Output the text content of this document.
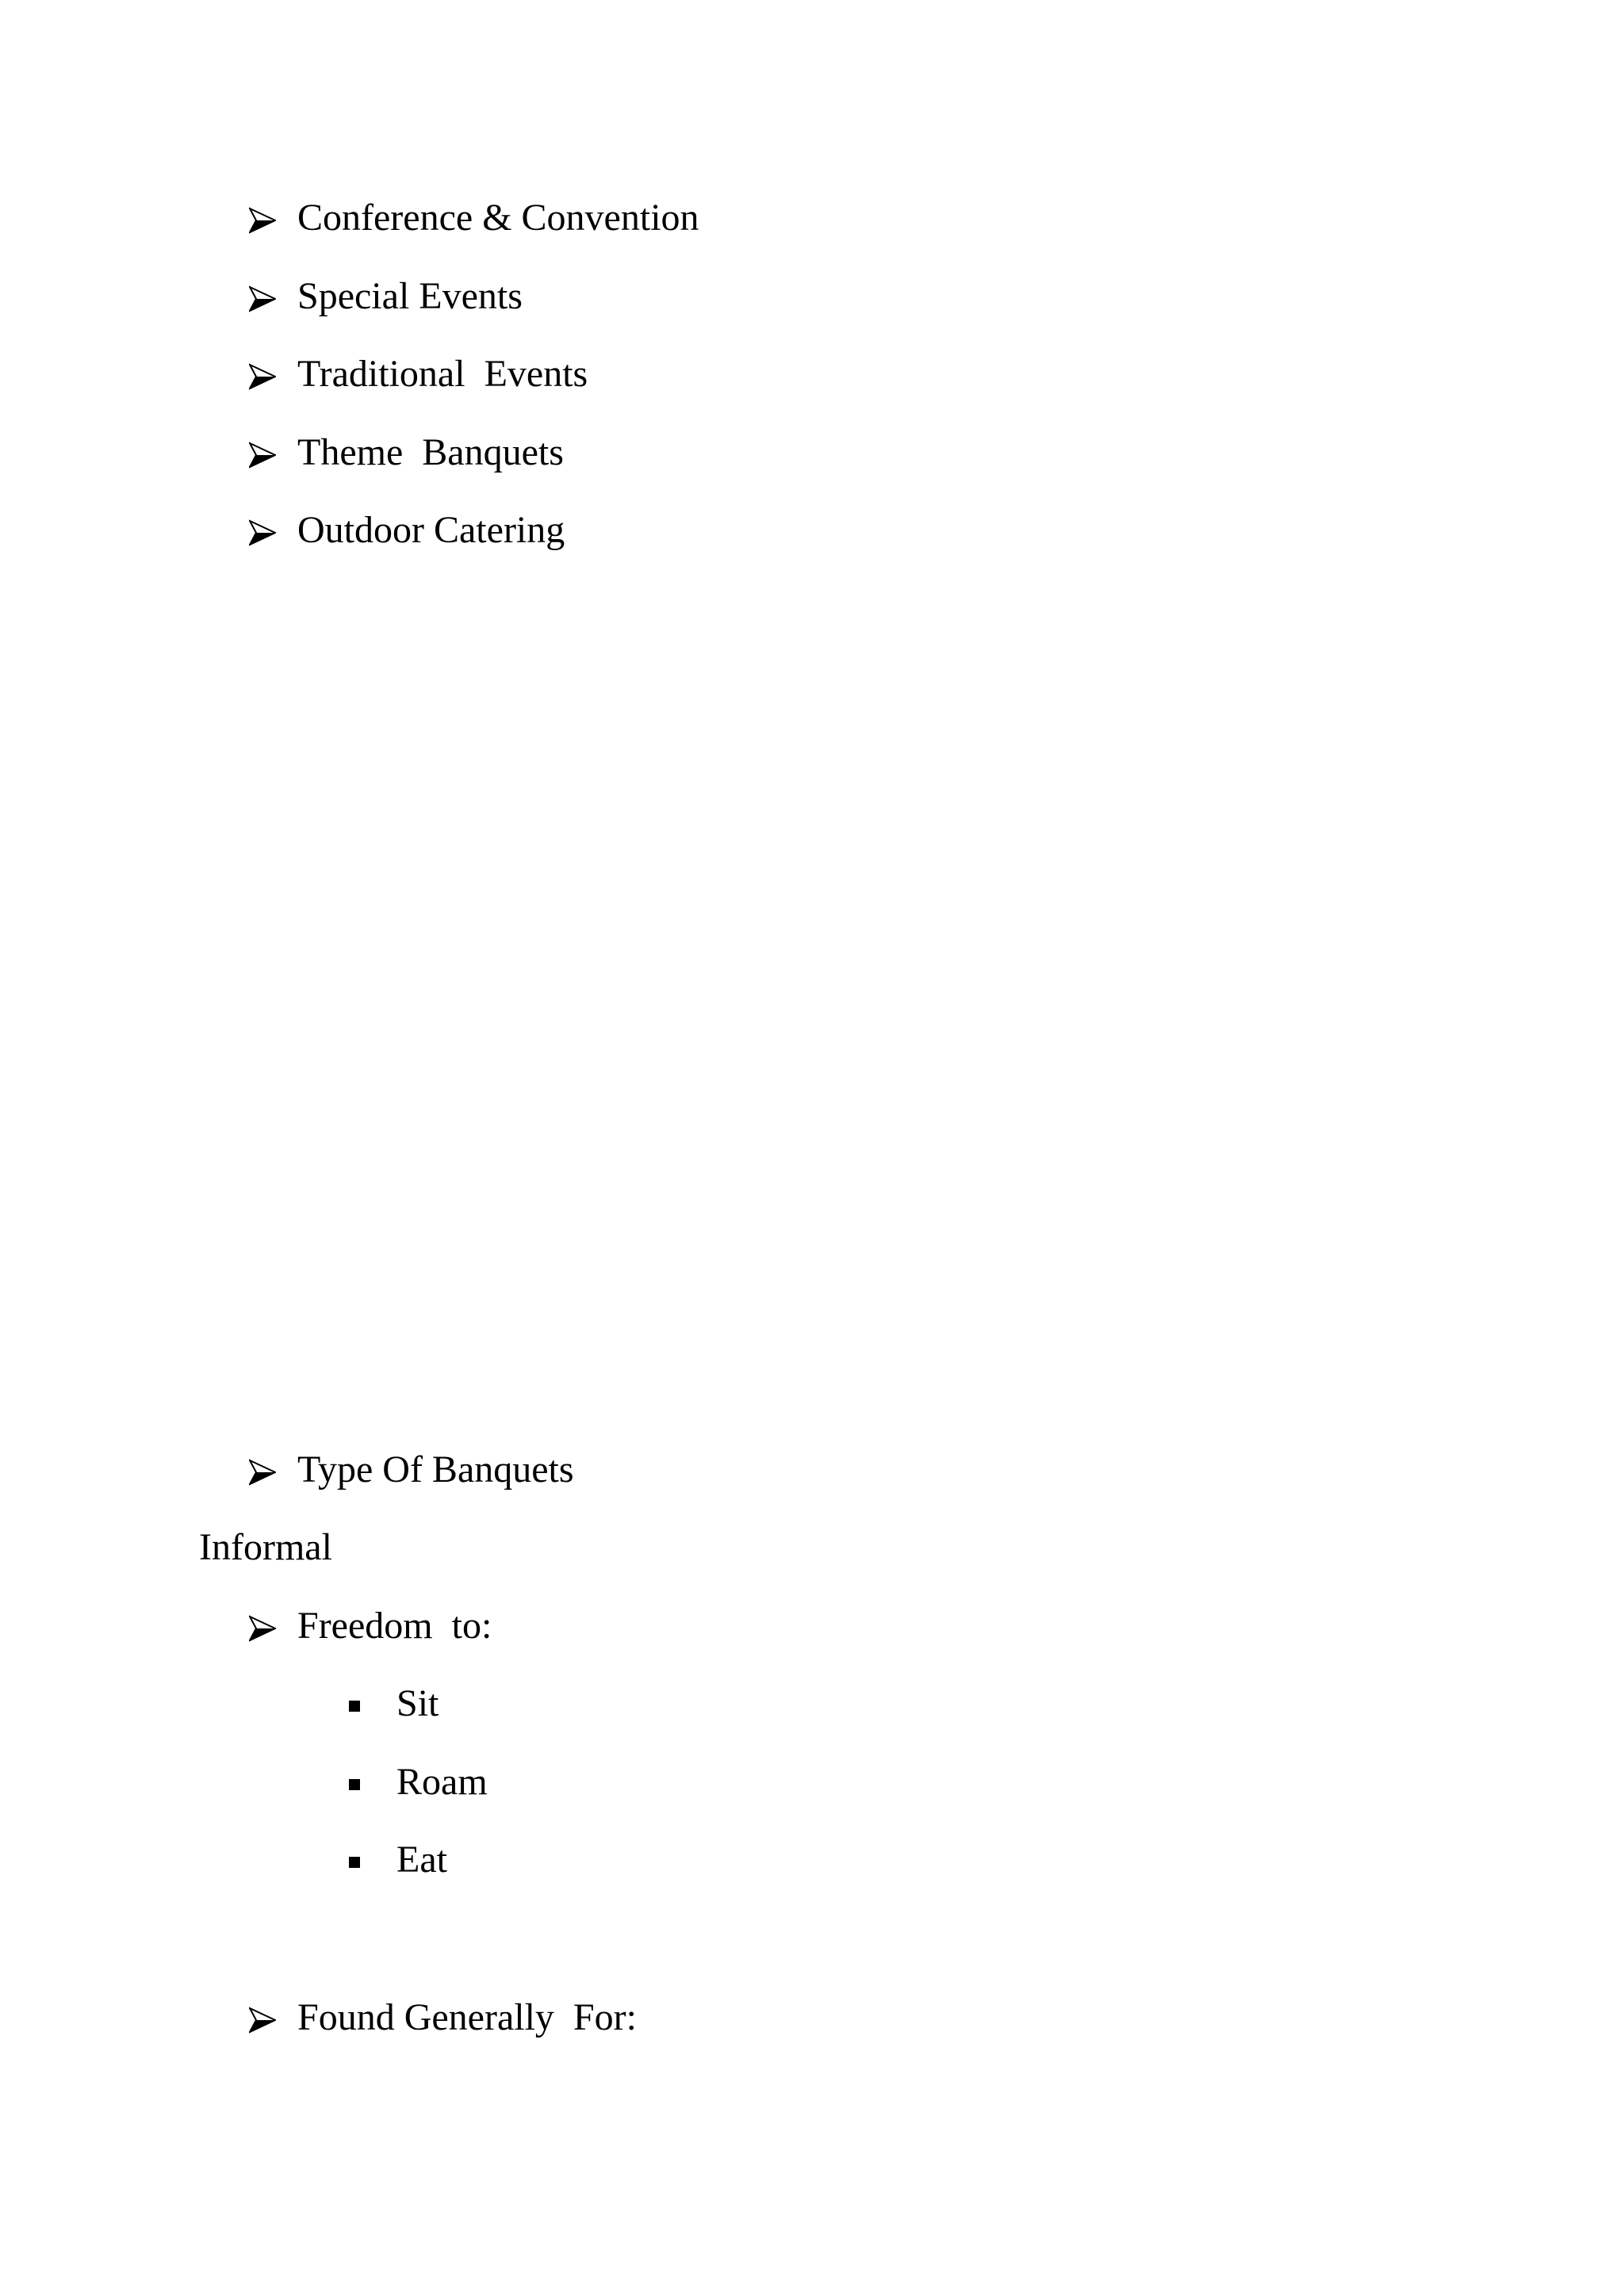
Conference & Convention
Special Events
Traditional  Events
Theme  Banquets
Outdoor Catering
Type Of Banquets
Informal
Freedom  to:
Sit
Roam
Eat
Found Generally  For:
